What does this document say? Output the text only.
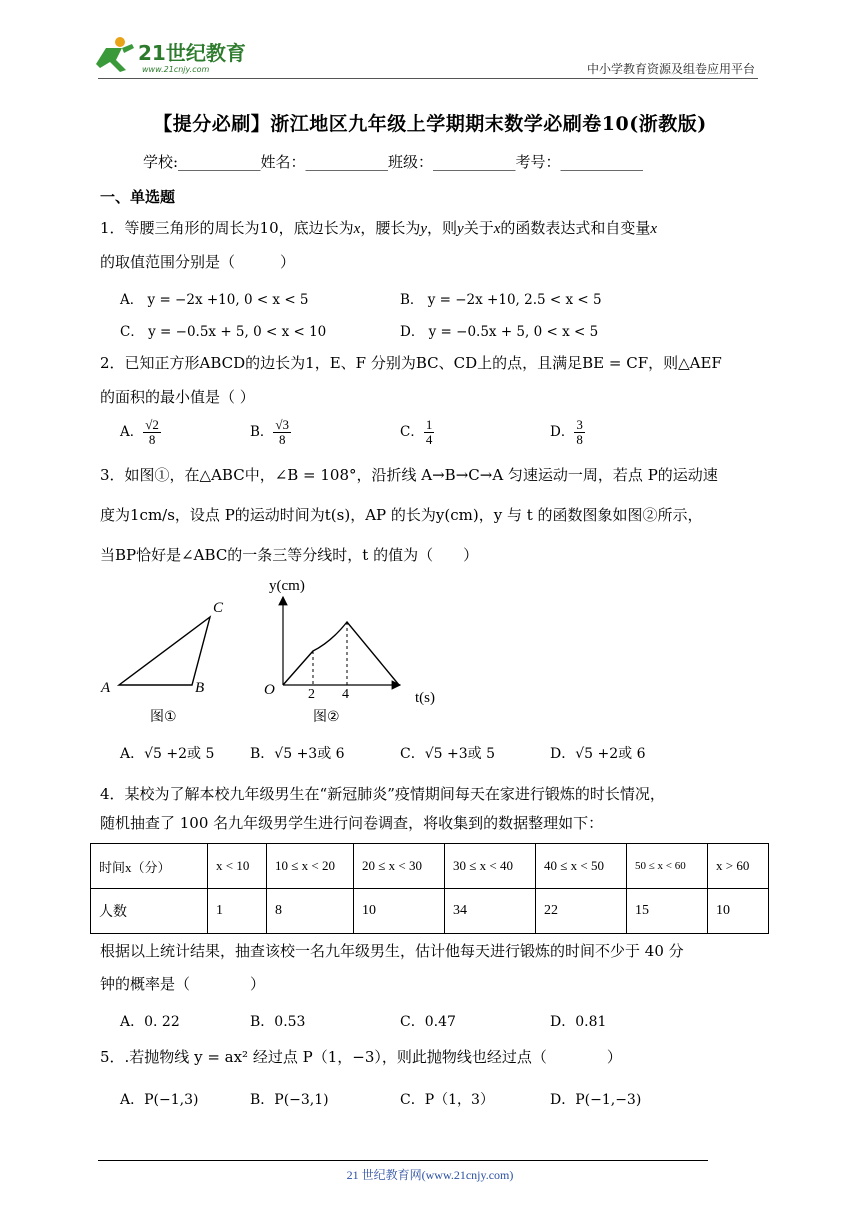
21世纪教育
www.21cnjy.com	中小学教育资源及组卷应用平台
【提分必刷】浙江地区九年级上学期期末数学必刷卷10(浙教版)
学校:___________姓名：___________班级：___________考号：___________
一、单选题
1．等腰三角形的周长为10，底边长为x，腰长为y，则y关于x的函数表达式和自变量x
的取值范围分别是（　　　）
A． y = −2x +10, 0 < x < 5	B． y = −2x +10, 2.5 < x < 5
C． y = −0.5x + 5, 0 < x < 10	D． y = −0.5x + 5, 0 < x < 5
2．已知正方形ABCD的边长为1，E、F 分别为BC、CD上的点，且满足BE = CF，则△AEF
的面积的最小值是（ ）
A． $\frac{√2}{8}$	B． $\frac{√3}{8}$	C． $\frac{1}{4}$	D． $\frac{3}{8}$
3．如图①，在△ABC中，∠B = 108°，沿折线 A→B→C→A 匀速运动一周，若点 P的运动速
度为1cm/s，设点 P的运动时间为t(s)，AP 的长为y(cm)，y 与 t 的函数图象如图②所示，
当BP恰好是∠ABC的一条三等分线时，t 的值为（　　）
A	B
C
图①
y(cm)
t(s)
O 2 4
图②
A．√5 +2或 5	B．√5 +3或 6	C．√5 +3或 5	D．√5 +2或 6
4．某校为了解本校九年级男生在“新冠肺炎”疫情期间每天在家进行锻炼的时长情况，
随机抽查了 100 名九年级男学生进行问卷调查，将收集到的数据整理如下：
时间x（分）	x < 10	10 ≤ x < 20	20 ≤ x < 30	30 ≤ x < 40	40 ≤ x < 50	50 ≤ x < 60	x > 60
人数	1	8	10	34	22	15	10
根据以上统计结果，抽查该校一名九年级男生，估计他每天进行锻炼的时间不少于 40 分
钟的概率是（　　　　）
A．0. 22	B．0.53	C．0.47	D．0.81
5．.若抛物线 y = ax² 经过点 P（1，−3），则此抛物线也经过点（　　　　）
A．P(−1,3)	B．P(−3,1)	C．P（1，3）	D．P(−1,−3)
21 世纪教育网(www.21cnjy.com)
